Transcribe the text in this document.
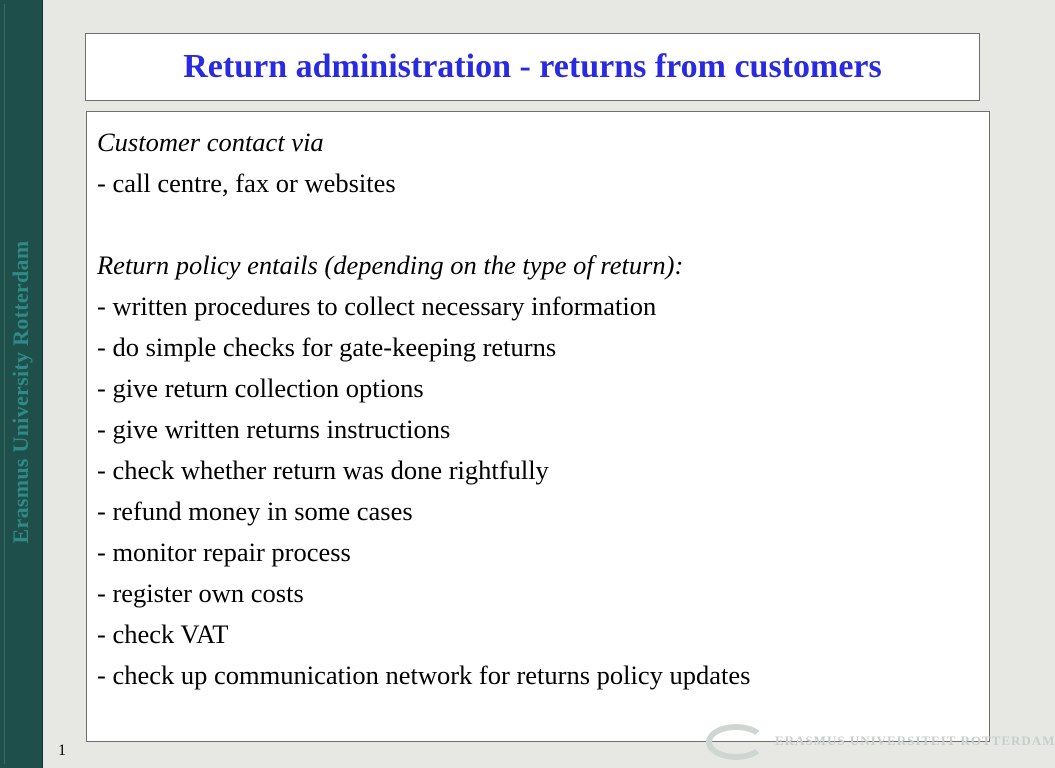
Erasmus University Rotterdam
Return administration - returns from customers
Customer contact via
- call centre, fax or websites
Return policy entails (depending on the type of return):
- written procedures to collect necessary information
- do simple checks for gate-keeping returns
- give return collection options
- give written returns instructions
- check whether return was done rightfully
- refund money in some cases
- monitor repair process
- register own costs
- check VAT
- check up communication network for returns policy updates
ERASMUS UNIVERSITEIT ROTTERDAM
1
